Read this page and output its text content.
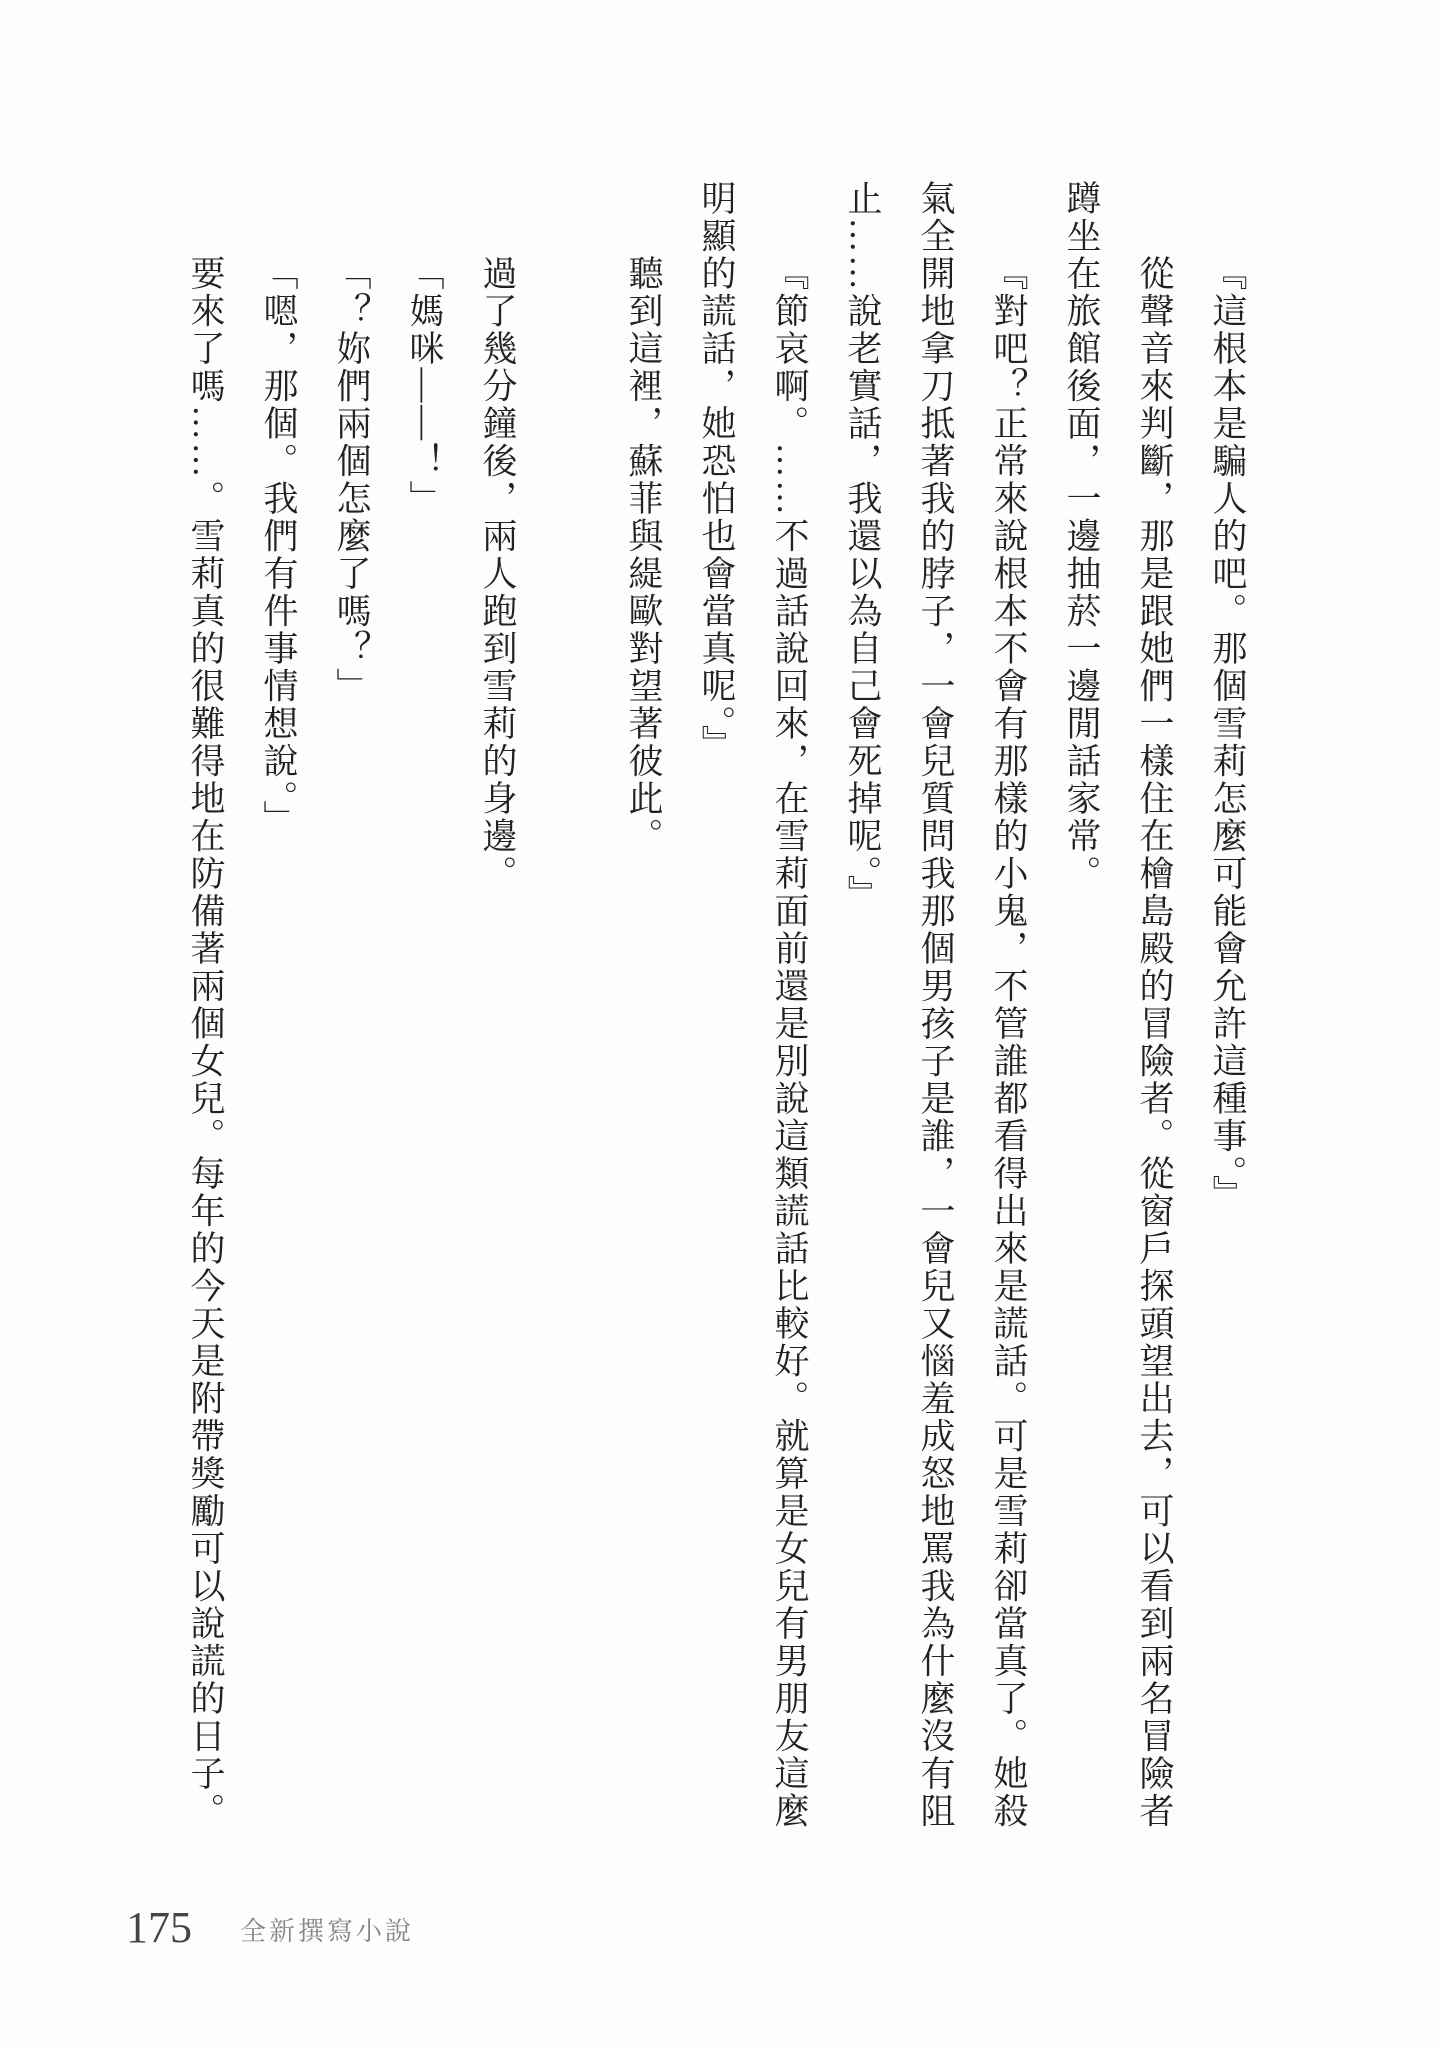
『這根本是騙人的吧。那個雪莉怎麼可能會允許這種事。』

從聲音來判斷，那是跟她們一樣住在檜島殿的冒險者。從窗戶探頭望出去，可以看到兩名冒險者

蹲坐在旅館後面，一邊抽菸一邊閒話家常。

『對吧？正常來說根本不會有那樣的小鬼，不管誰都看得出來是謊話。可是雪莉卻當真了。她殺

氣全開地拿刀抵著我的脖子，一會兒質問我那個男孩子是誰，一會兒又惱羞成怒地罵我為什麼沒有阻

止……說老實話，我還以為自己會死掉呢。』

『節哀啊。……不過話說回來，在雪莉面前還是別說這類謊話比較好。就算是女兒有男朋友這麼

明顯的謊話，她恐怕也會當真呢。』

聽到這裡，蘇菲與緹歐對望著彼此。

過了幾分鐘後，兩人跑到雪莉的身邊。

「媽咪——！」

「？妳們兩個怎麼了嗎？」

「嗯，那個。我們有件事情想說。」

要來了嗎……。雪莉真的很難得地在防備著兩個女兒。每年的今天是附帶獎勵可以說謊的日子。

175 全新撰寫小說
